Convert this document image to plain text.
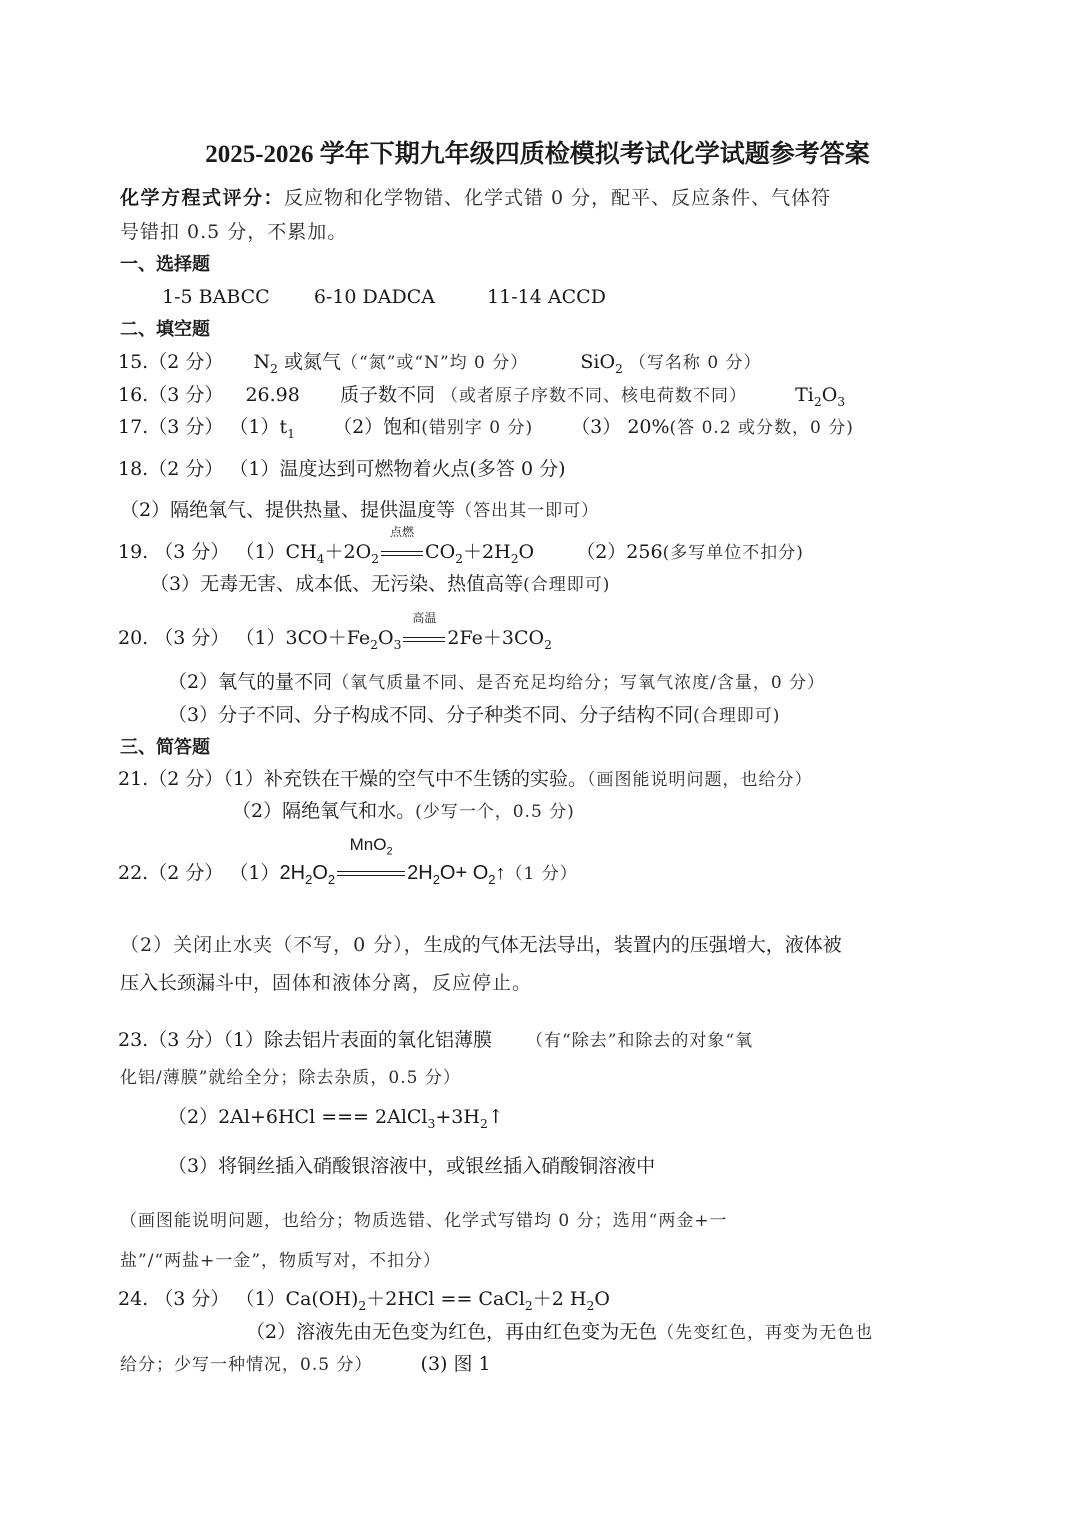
2025-2026 学年下期九年级四质检模拟考试化学试题参考答案
化学方程式评分：反应物和化学物错、化学式错 0 分，配平、反应条件、气体符
号错扣 0.5 分，不累加。
一、选择题
1-5 BABCC 6-10 DADCA	11-14 ACCD
二、填空题
15.（2 分） $N_2$ 或氮气（“氮”或“N”均 0 分）	SiO$_2$ （写名称 0 分）
16.（3 分） 26.98 质子数不同 （或者原子序数不同、核电荷数不同）	$Ti_2O_3$
17.（3 分） $(1)t_1$ （2）饱和(错别字 0 分) （3） 20%(答 0.2 或分数，0 分)
18.（2 分） （1）温度达到可燃物着火点(多答 0 分)
（2）隔绝氧气、提供热量、提供温度等（答出其一即可）
19. （3 分） $(1)CH_4+2O_2$
点燃
$CO_2+2H_2O$ （2）256(多写单位不扣分)
（3）无毒无害、成本低、无污染、热值高等(合理即可)
20. （3 分） $(1)3CO+Fe_2O_3$
高温
$2Fe+3CO_2$
（2）氧气的量不同（氧气质量不同、是否充足均给分；写氧气浓度/含量，0 分）
（3）分子不同、分子构成不同、分子种类不同、分子结构不同(合理即可)
三、简答题
21.（2 分）（1）补充铁在干燥的空气中不生锈的实验。（画图能说明问题，也给分）
（2）隔绝氧气和水。(少写一个，0.5 分)
22.（2 分） $(1)2H_2O_2$
MnO$_2$
$2H_2O+$ $O_2↑(1$ 分）
（2）关闭止水夹（不写，0 分），生成的气体无法导出，装置内的压强增大，液体被
压入长颈漏斗中，固体和液体分离，反应停止。
23.（3 分）（1）除去铝片表面的氧化铝薄膜 （有“除去”和除去的对象“氧
化铝/薄膜”就给全分；除去杂质，0.5 分）
（2）2Al+6HCl === $2AlCl_3+3H_2↑$
（3）将铜丝插入硝酸银溶液中，或银丝插入硝酸铜溶液中
（画图能说明问题，也给分；物质选错、化学式写错均 0 分；选用“两金+一
盐”/“两盐+一金”，物质写对，不扣分）
24. （3 分） $(1)Ca(OH)_2+2HCl$ == CaCl$_2$＋2 $H_2O$
（2）溶液先由无色变为红色，再由红色变为无色（先变红色，再变为无色也
给分；少写一种情况，0.5 分）	(3) 图 1
